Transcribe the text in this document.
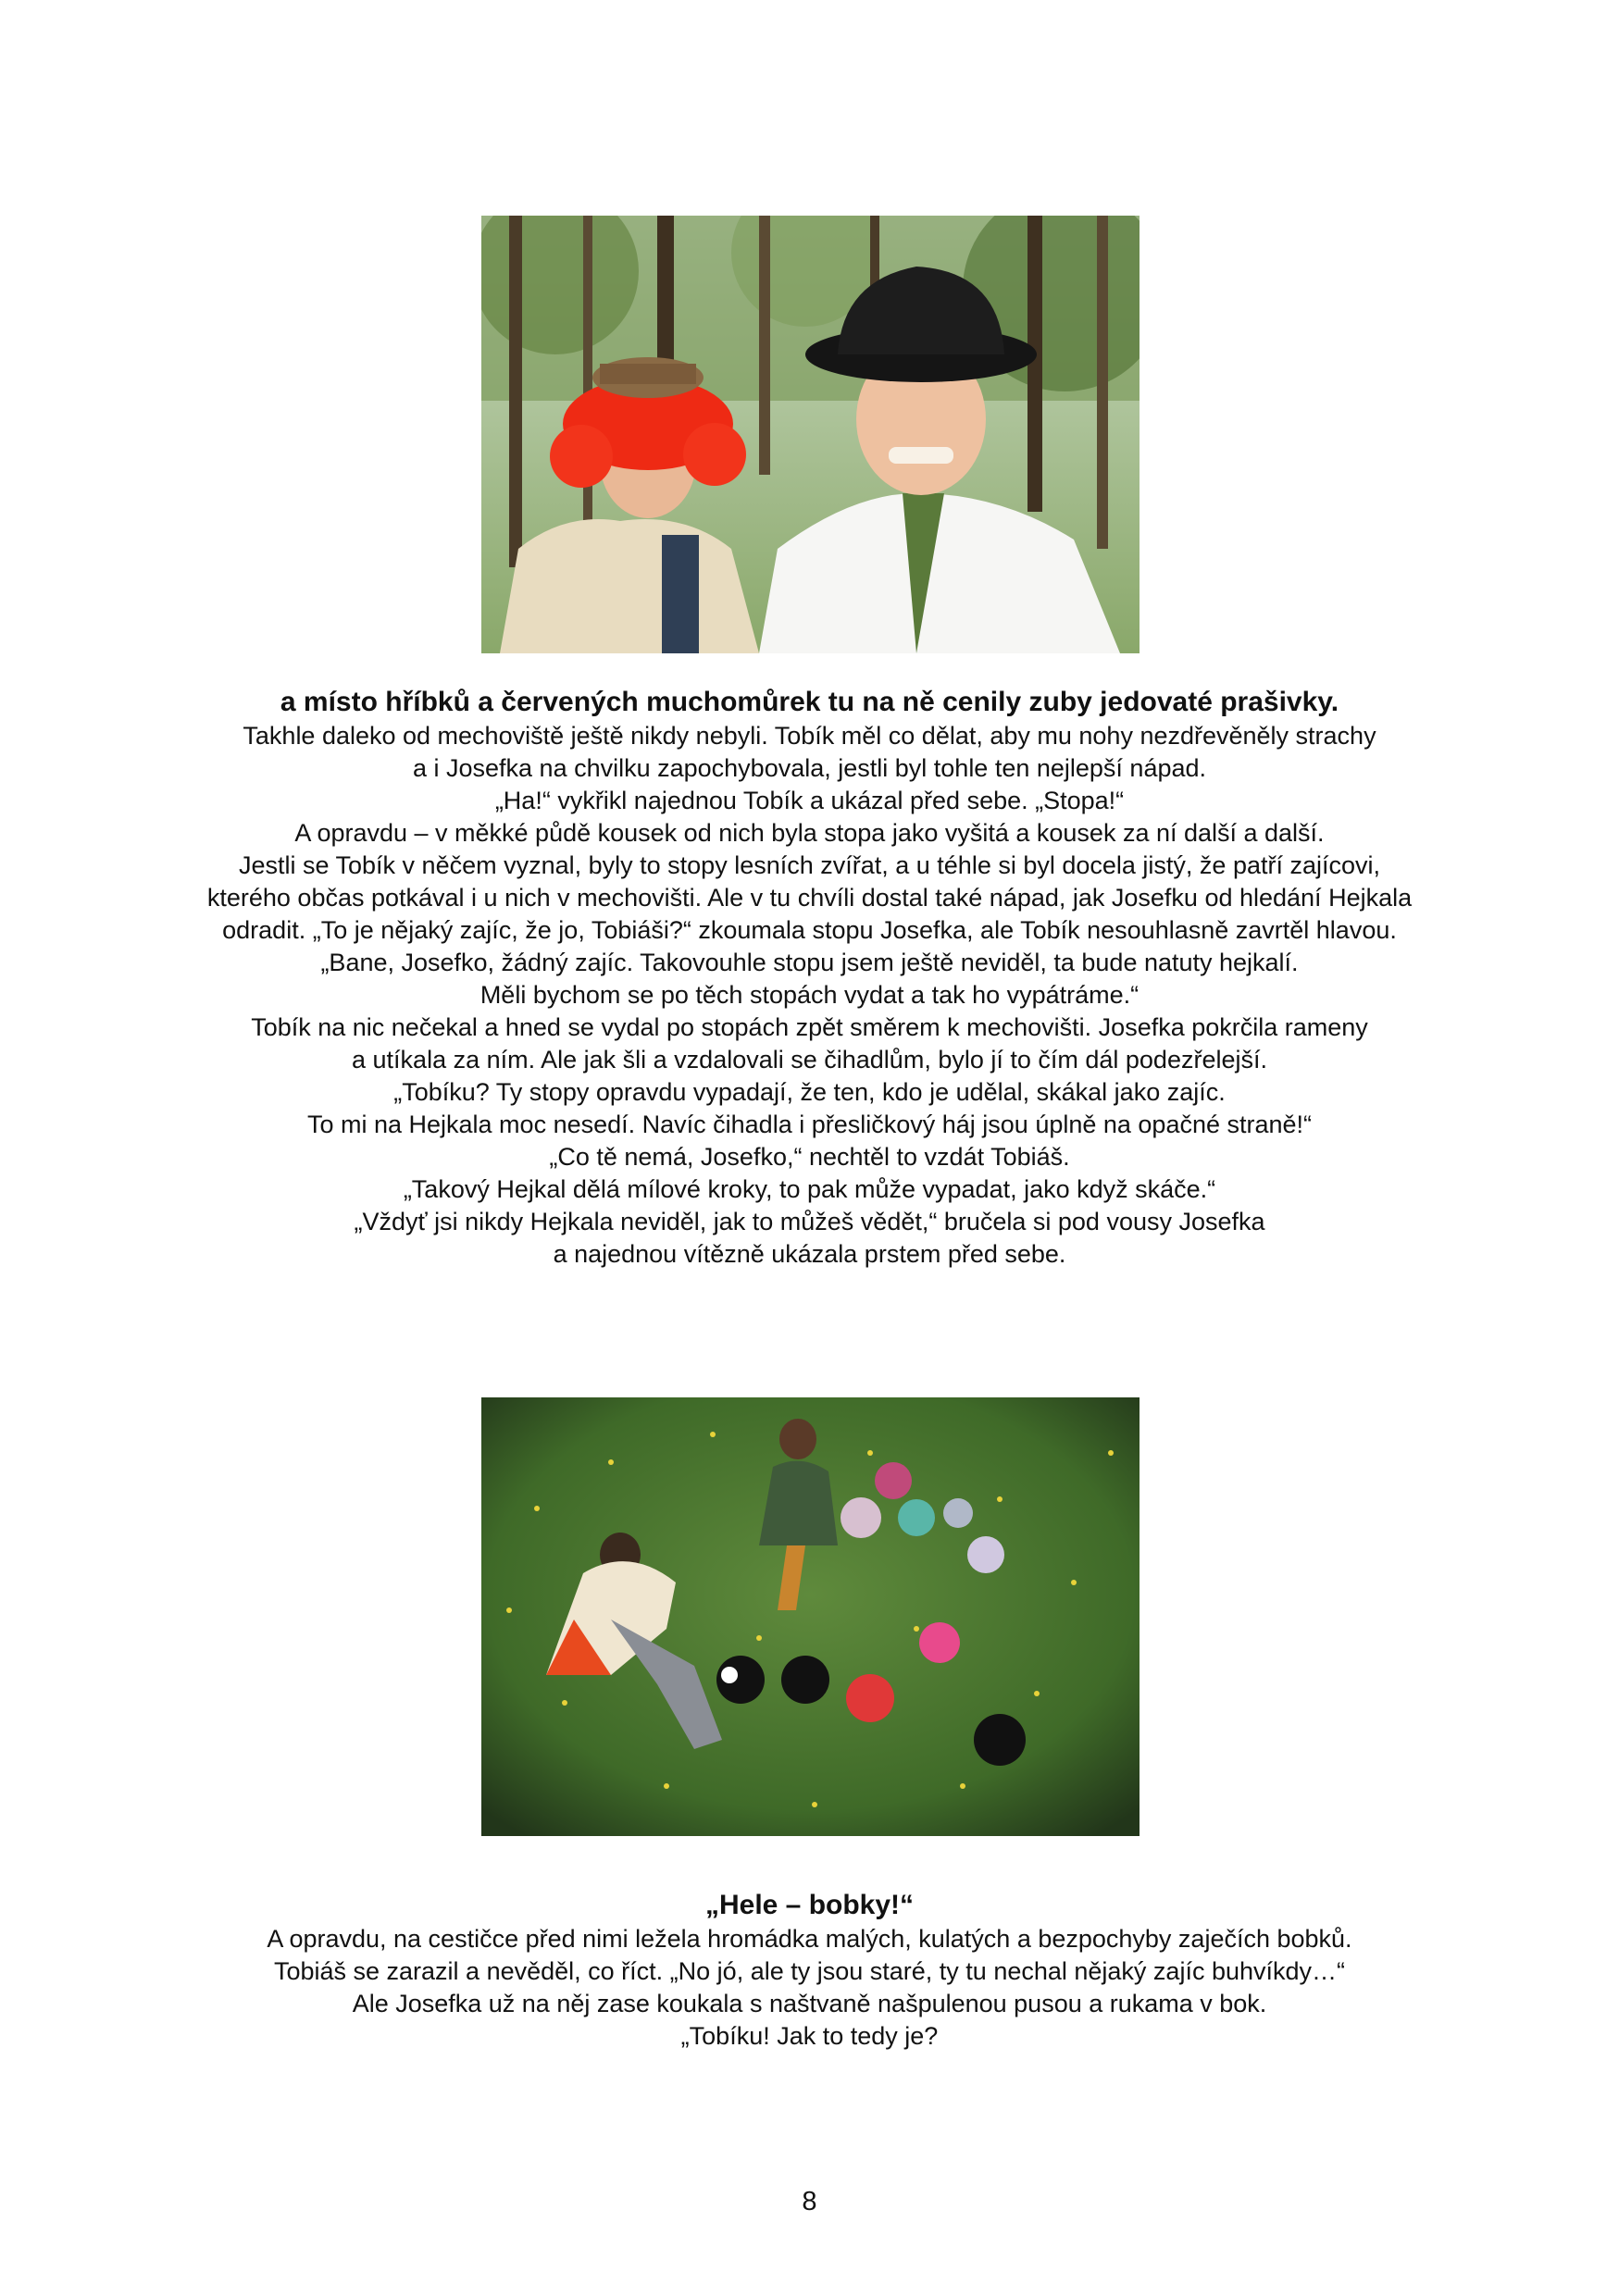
a místo hříbků a červených muchomůrek tu na ně cenily zuby jedovaté prašivky.
Takhle daleko od mechoviště ještě nikdy nebyli. Tobík měl co dělat, aby mu nohy nezdřevěněly strachy
a i Josefka na chvilku zapochybovala, jestli byl tohle ten nejlepší nápad.
„Ha!“ vykřikl najednou Tobík a ukázal před sebe. „Stopa!“
A opravdu – v měkké půdě kousek od nich byla stopa jako vyšitá a kousek za ní další a další.
Jestli se Tobík v něčem vyznal, byly to stopy lesních zvířat, a u téhle si byl docela jistý, že patří zajícovi,
kterého občas potkával i u nich v mechovišti. Ale v tu chvíli dostal také nápad, jak Josefku od hledání Hejkala
odradit. „To je nějaký zajíc, že jo, Tobiáši?“ zkoumala stopu Josefka, ale Tobík nesouhlasně zavrtěl hlavou.
„Bane, Josefko, žádný zajíc. Takovouhle stopu jsem ještě neviděl, ta bude natuty hejkalí.
Měli bychom se po těch stopách vydat a tak ho vypátráme.“
Tobík na nic nečekal a hned se vydal po stopách zpět směrem k mechovišti. Josefka pokrčila rameny
a utíkala za ním. Ale jak šli a vzdalovali se čihadlům, bylo jí to čím dál podezřelejší.
„Tobíku? Ty stopy opravdu vypadají, že ten, kdo je udělal, skákal jako zajíc.
To mi na Hejkala moc nesedí. Navíc čihadla i přesličkový háj jsou úplně na opačné straně!“
„Co tě nemá, Josefko,“ nechtěl to vzdát Tobiáš.
„Takový Hejkal dělá mílové kroky, to pak může vypadat, jako když skáče.“
„Vždyť jsi nikdy Hejkala neviděl, jak to můžeš vědět,“ bručela si pod vousy Josefka
a najednou vítězně ukázala prstem před sebe.
„Hele – bobky!“
A opravdu, na cestičce před nimi ležela hromádka malých, kulatých a bezpochyby zaječích bobků.
Tobiáš se zarazil a nevěděl, co říct. „No jó, ale ty jsou staré, ty tu nechal nějaký zajíc buhvíkdy…“
Ale Josefka už na něj zase koukala s naštvaně našpulenou pusou a rukama v bok.
„Tobíku! Jak to tedy je?
8
